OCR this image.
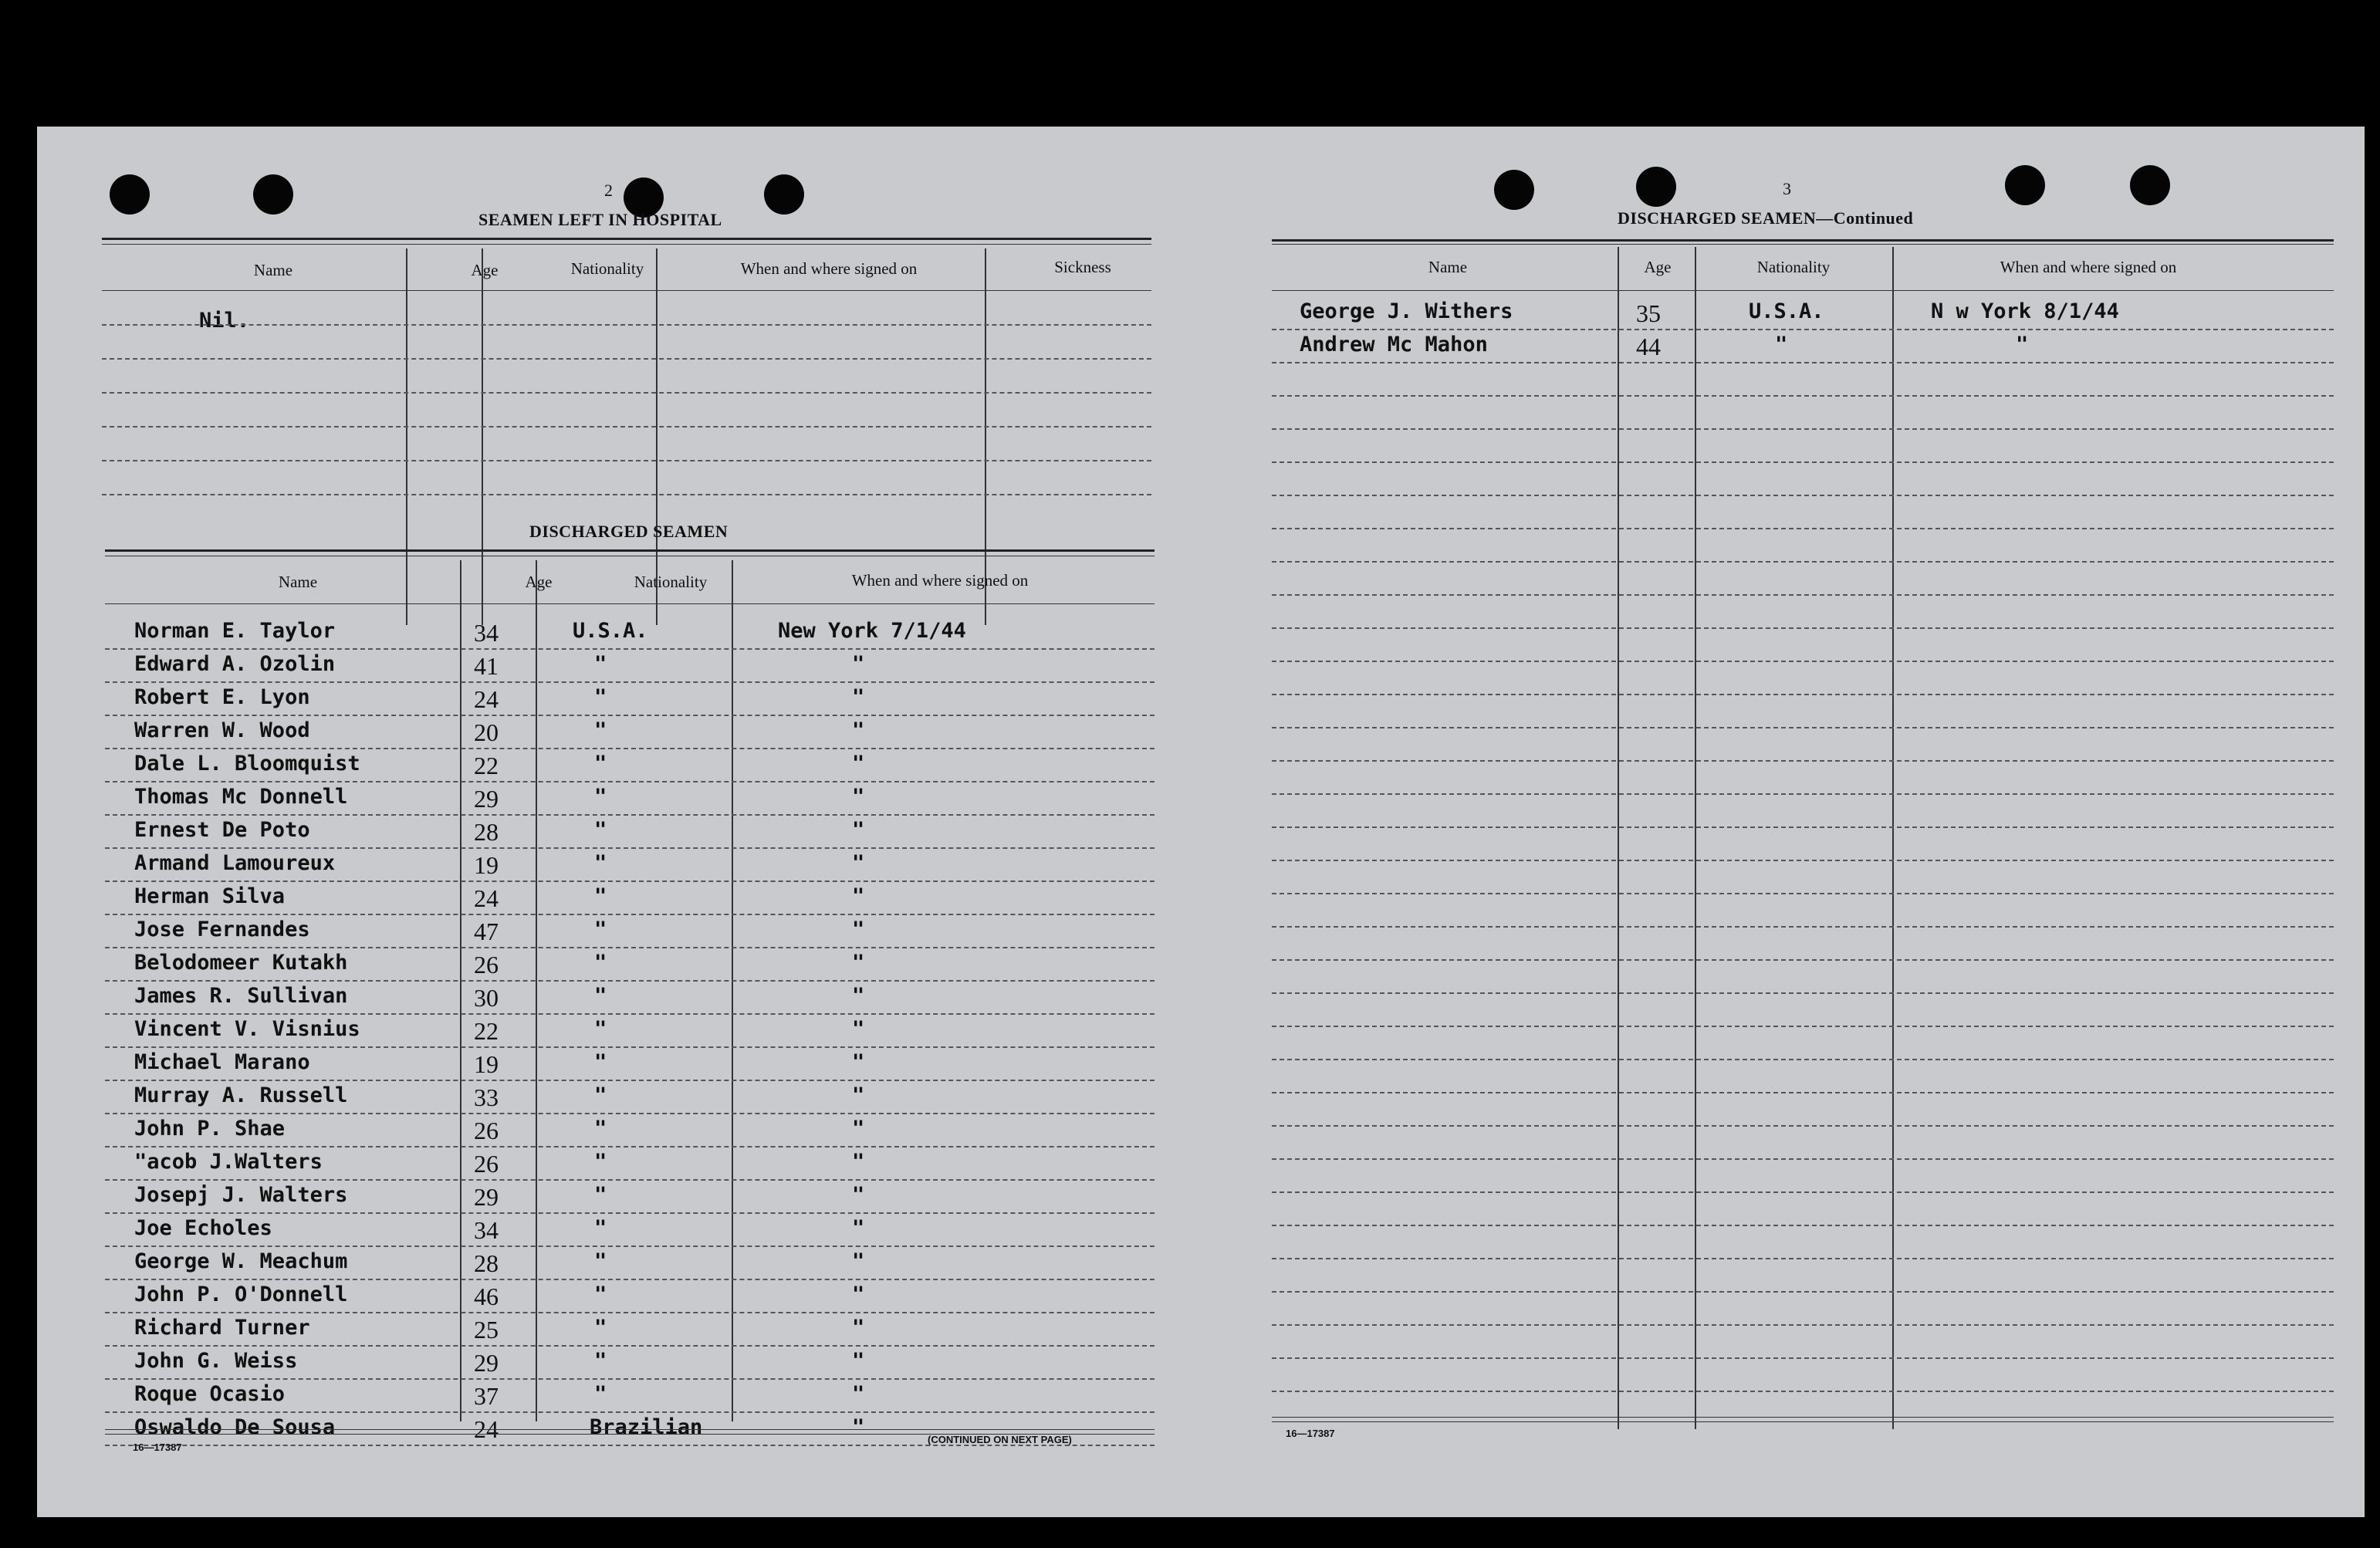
2
SEAMEN LEFT IN HOSPITAL
Name	Age	Nationality	When and where signed on	Sickness
Nil.
DISCHARGED SEAMEN
Name	Age	Nationality	When and where signed on
Norman E. Taylor	34	U.S.A.	New York 7/1/44
Edward A. Ozolin	41	"	"
Robert E. Lyon	24	"	"
Warren W. Wood	20	"	"
Dale L. Bloomquist	22	"	"
Thomas Mc Donnell	29	"	"
Ernest De Poto	28	"	"
Armand Lamoureux	19	"	"
Herman Silva	24	"	"
Jose Fernandes	47	"	"
Belodomeer Kutakh	26	"	"
James R. Sullivan	30	"	"
Vincent V. Visnius	22	"	"
Michael Marano	19	"	"
Murray A. Russell	33	"	"
John P. Shae	26	"	"
"acob J.Walters	26	"	"
Josepj J. Walters	29	"	"
Joe Echoles	34	"	"
George W. Meachum	28	"	"
John P. O'Donnell	46	"	"
Richard Turner	25	"	"
John G. Weiss	29	"	"
Roque Ocasio	37	"	"
Oswaldo De Sousa	24	Brazilian	"
16—17387
(CONTINUED ON NEXT PAGE)
3
DISCHARGED SEAMEN—Continued
Name	Age	Nationality	When and where signed on
George J. Withers	35	U.S.A.	N w York 8/1/44
Andrew Mc Mahon	44	"	"
16—17387
